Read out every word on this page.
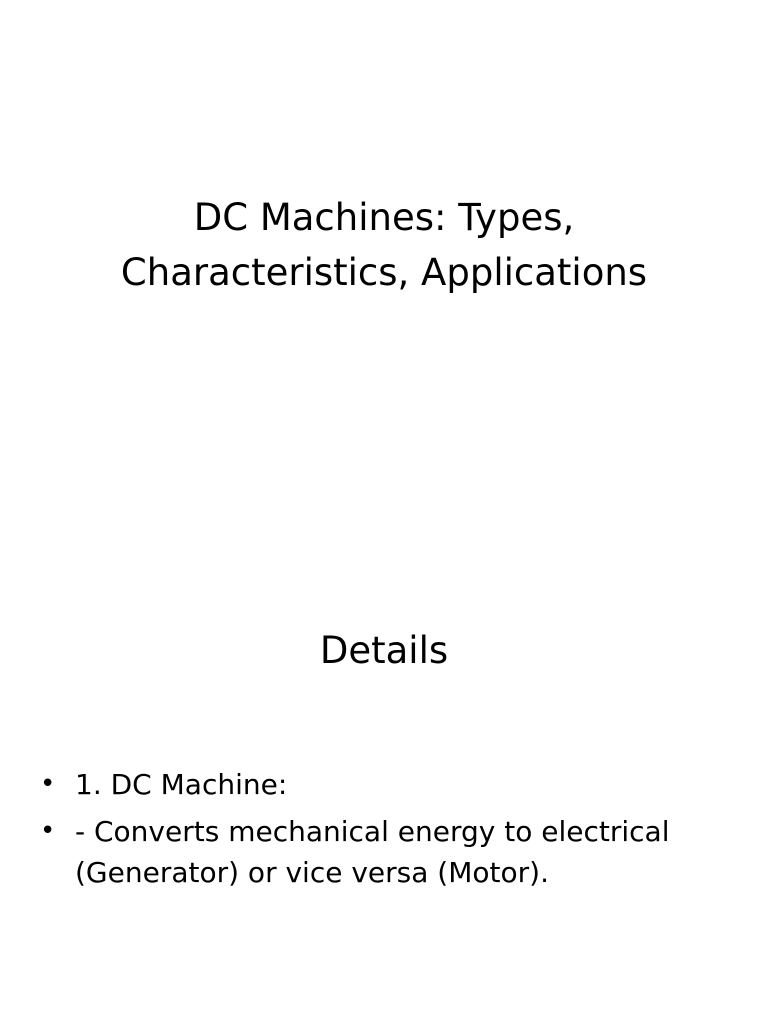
DC Machines: Types,
Characteristics, Applications
Details
• 1. DC Machine:
• - Converts mechanical energy to electrical (Generator) or vice versa (Motor).
